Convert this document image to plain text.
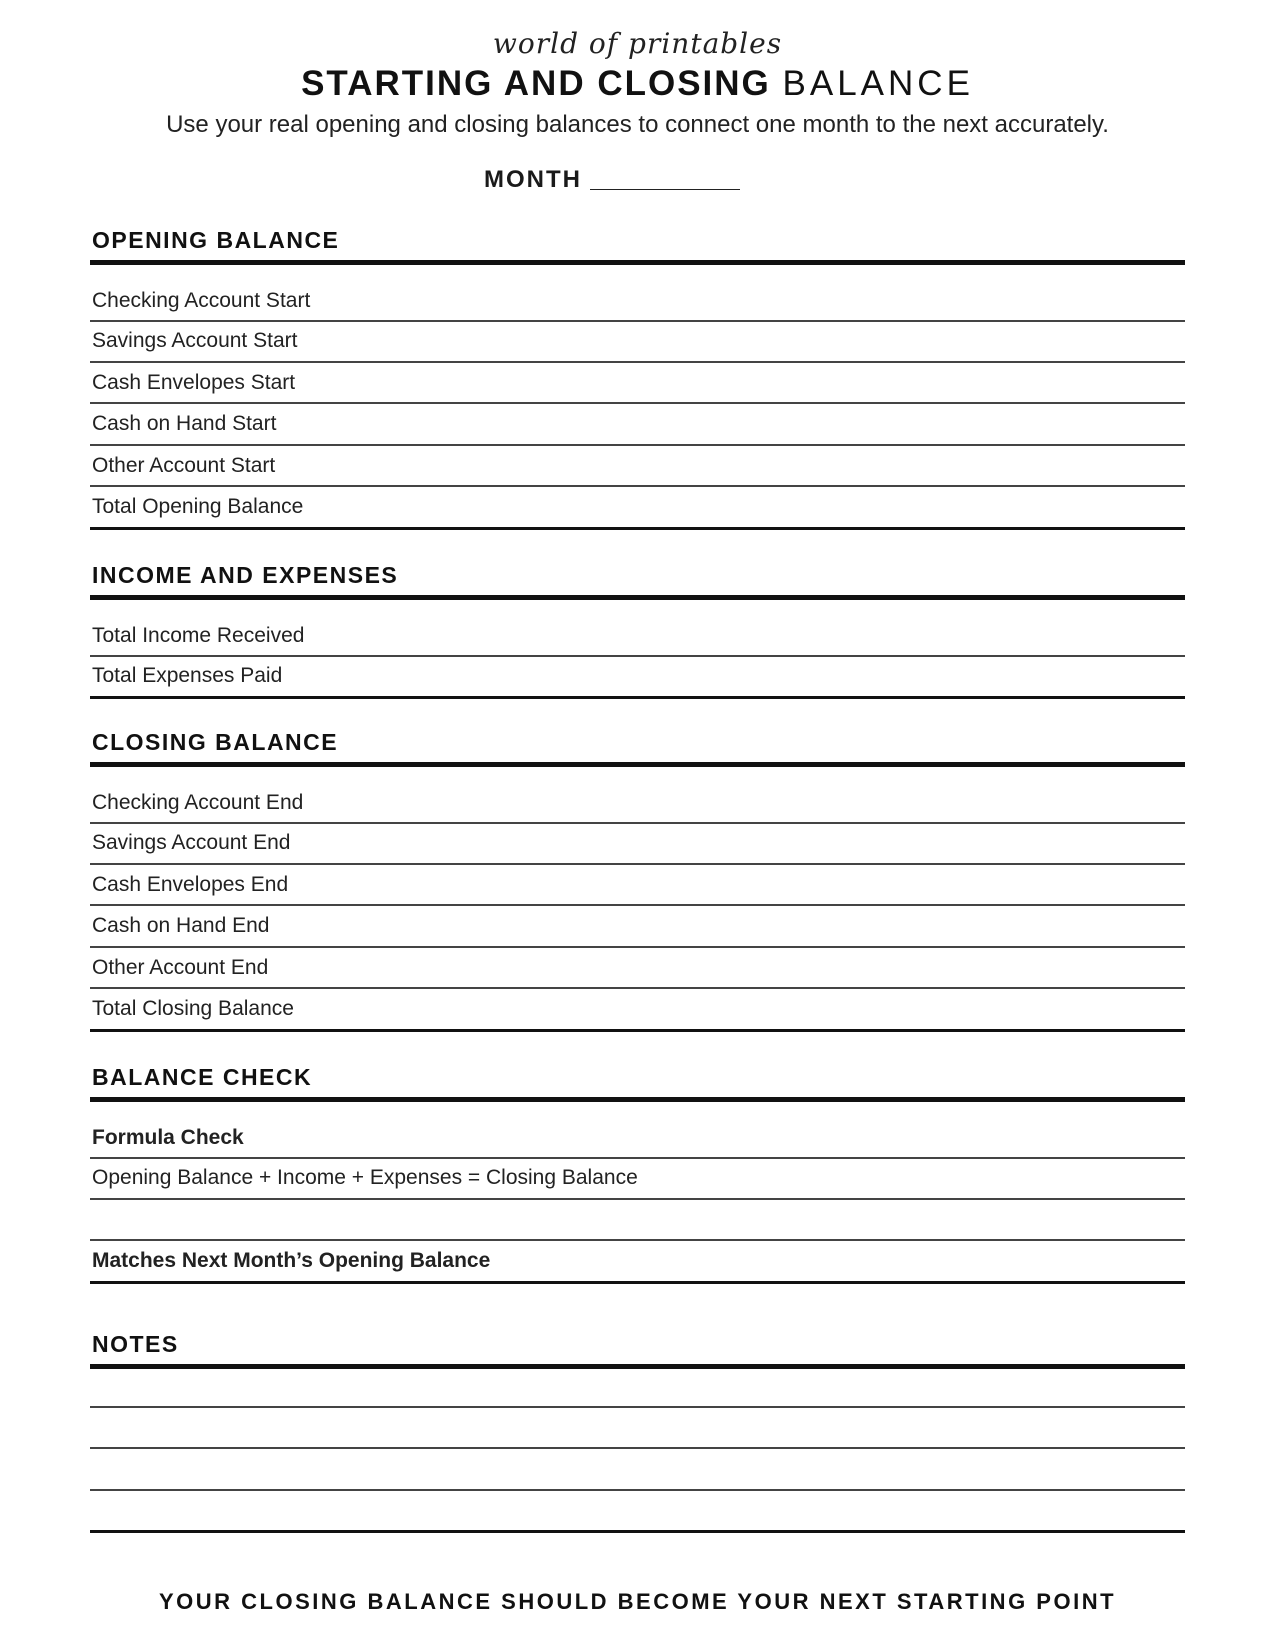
world of printables
STARTING AND CLOSING BALANCE
Use your real opening and closing balances to connect one month to the next accurately.
MONTH
OPENING BALANCE
Checking Account Start
Savings Account Start
Cash Envelopes Start
Cash on Hand Start
Other Account Start
Total Opening Balance
INCOME AND EXPENSES
Total Income Received
Total Expenses Paid
CLOSING BALANCE
Checking Account End
Savings Account End
Cash Envelopes End
Cash on Hand End
Other Account End
Total Closing Balance
BALANCE CHECK
Formula Check
Opening Balance + Income + Expenses = Closing Balance
Matches Next Month’s Opening Balance
NOTES
YOUR CLOSING BALANCE SHOULD BECOME YOUR NEXT STARTING POINT
